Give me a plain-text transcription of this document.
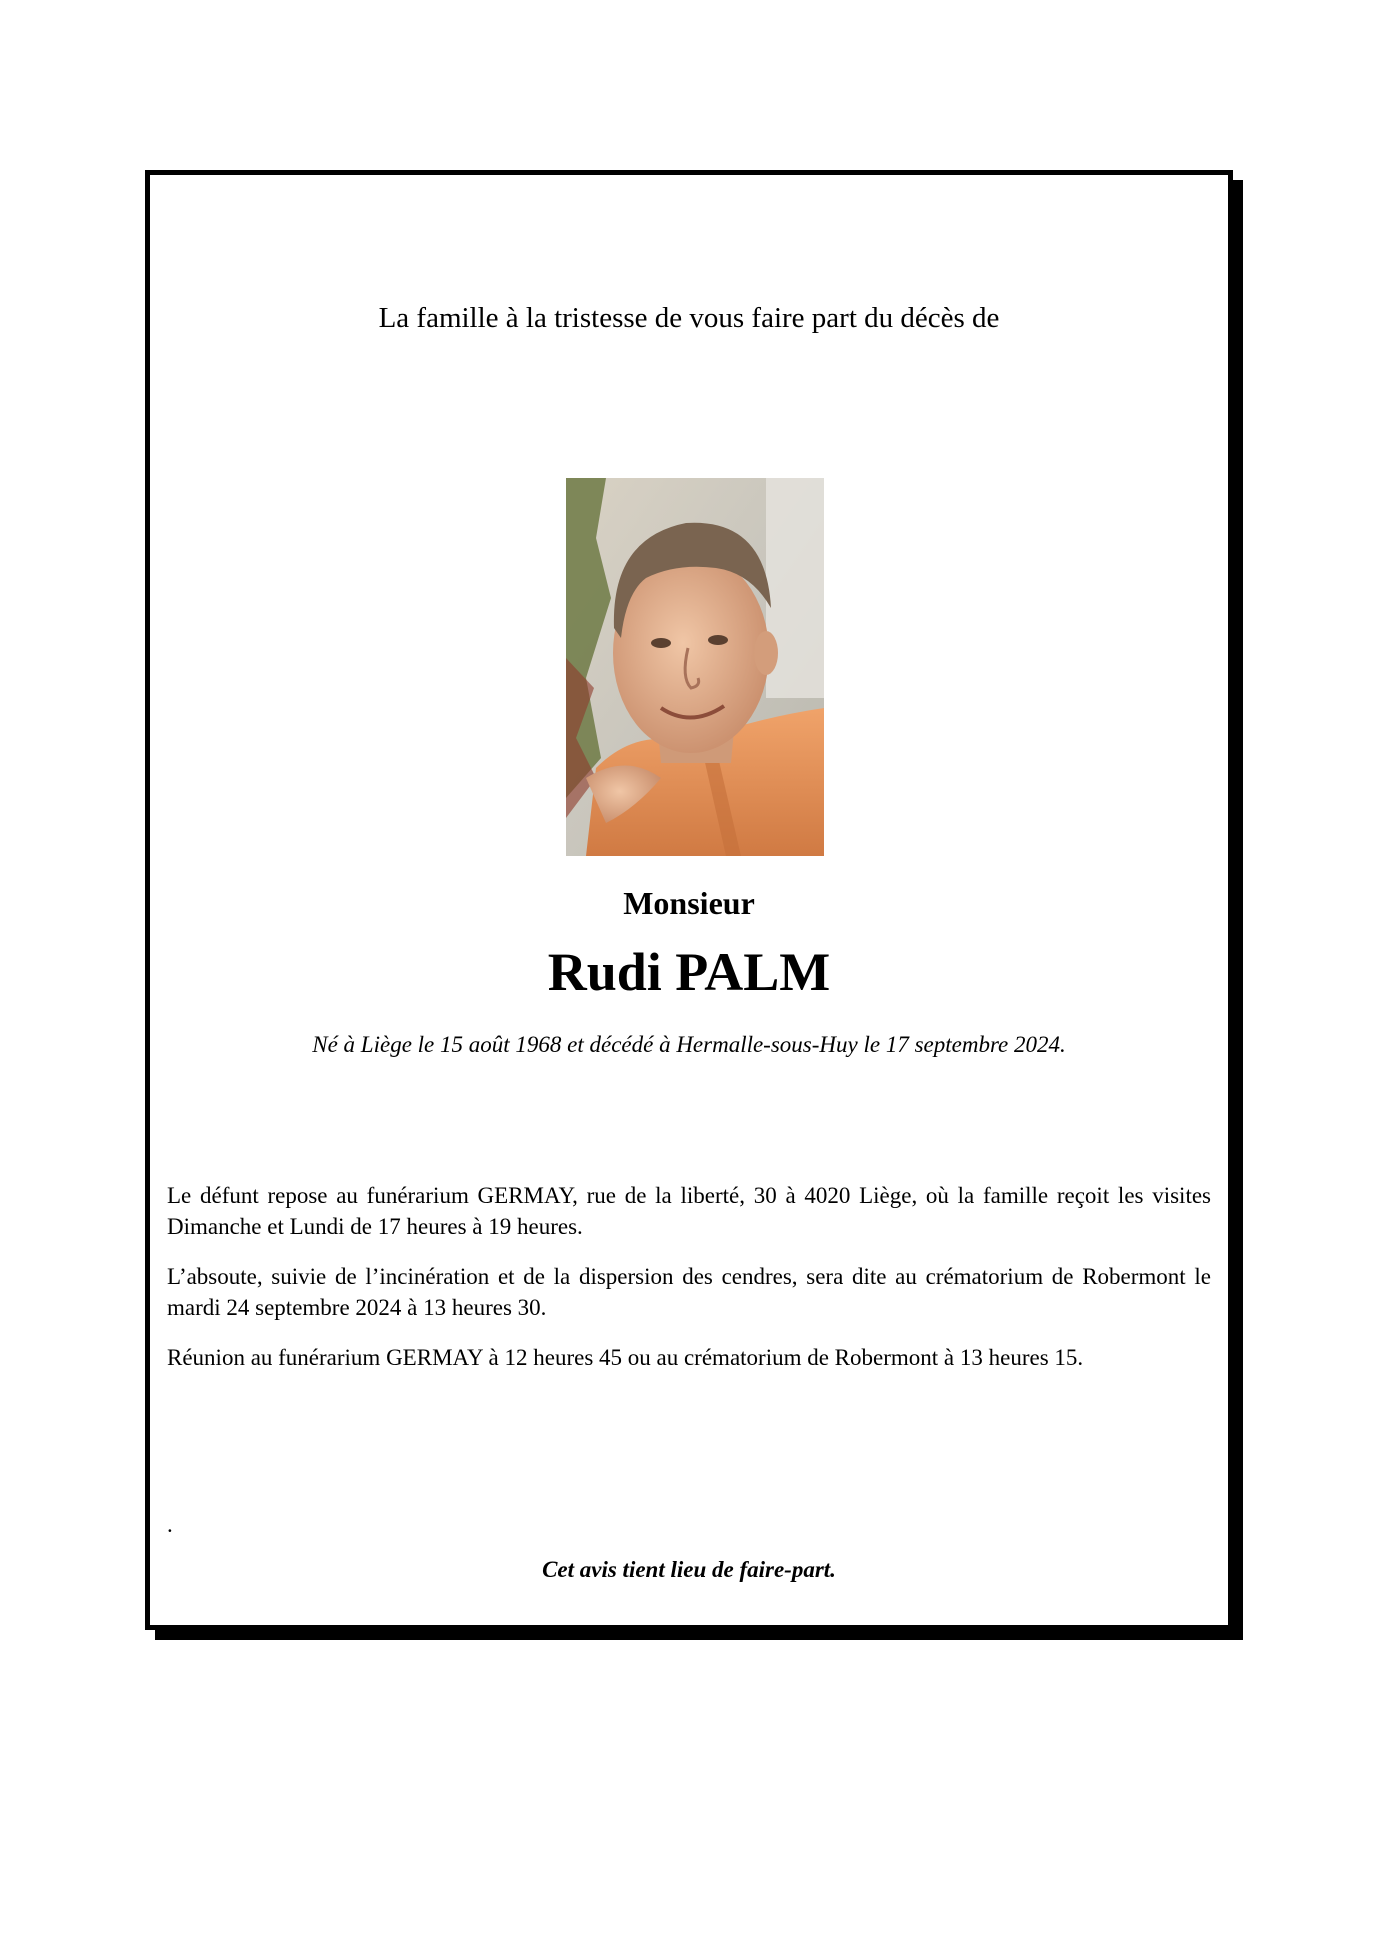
La famille à la tristesse de vous faire part du décès de
Monsieur
Rudi PALM
Né à Liège le 15 août 1968 et décédé à Hermalle-sous-Huy le 17 septembre 2024.

Le défunt repose au funérarium GERMAY, rue de la liberté, 30 à 4020 Liège, où la famille reçoit les visites Dimanche et Lundi de 17 heures à 19 heures.

L’absoute, suivie de l’incinération et de la dispersion des cendres, sera dite au crématorium de Robermont le mardi 24 septembre 2024 à 13 heures 30.

Réunion au funérarium GERMAY à 12 heures 45 ou au crématorium de Robermont à 13 heures 15.

.
Cet avis tient lieu de faire-part.
